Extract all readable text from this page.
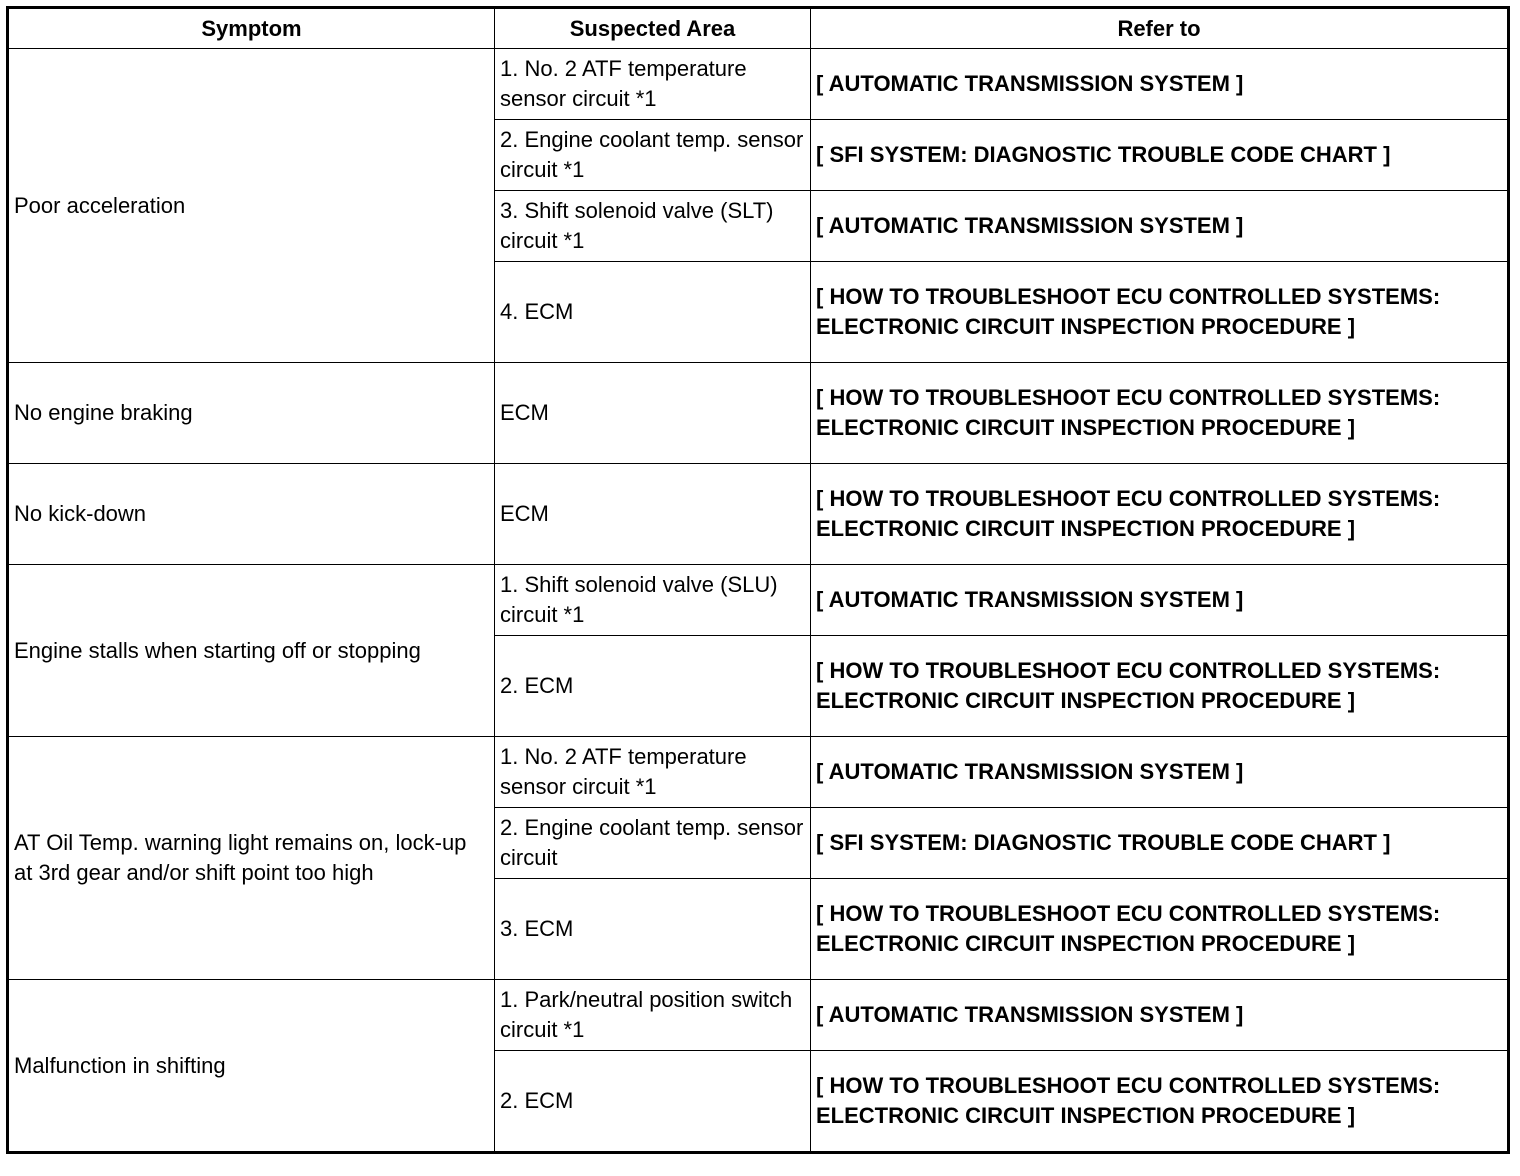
Symptom	Suspected Area	Refer to
Poor acceleration	1. No. 2 ATF temperature sensor circuit *1	[ AUTOMATIC TRANSMISSION SYSTEM ]
	2. Engine coolant temp. sensor circuit *1	[ SFI SYSTEM: DIAGNOSTIC TROUBLE CODE CHART ]
	3. Shift solenoid valve (SLT) circuit *1	[ AUTOMATIC TRANSMISSION SYSTEM ]
	4. ECM	[ HOW TO TROUBLESHOOT ECU CONTROLLED SYSTEMS: ELECTRONIC CIRCUIT INSPECTION PROCEDURE ]
No engine braking	ECM	[ HOW TO TROUBLESHOOT ECU CONTROLLED SYSTEMS: ELECTRONIC CIRCUIT INSPECTION PROCEDURE ]
No kick-down	ECM	[ HOW TO TROUBLESHOOT ECU CONTROLLED SYSTEMS: ELECTRONIC CIRCUIT INSPECTION PROCEDURE ]
Engine stalls when starting off or stopping	1. Shift solenoid valve (SLU) circuit *1	[ AUTOMATIC TRANSMISSION SYSTEM ]
	2. ECM	[ HOW TO TROUBLESHOOT ECU CONTROLLED SYSTEMS: ELECTRONIC CIRCUIT INSPECTION PROCEDURE ]
AT Oil Temp. warning light remains on, lock-up at 3rd gear and/or shift point too high	1. No. 2 ATF temperature sensor circuit *1	[ AUTOMATIC TRANSMISSION SYSTEM ]
	2. Engine coolant temp. sensor circuit	[ SFI SYSTEM: DIAGNOSTIC TROUBLE CODE CHART ]
	3. ECM	[ HOW TO TROUBLESHOOT ECU CONTROLLED SYSTEMS: ELECTRONIC CIRCUIT INSPECTION PROCEDURE ]
Malfunction in shifting	1. Park/neutral position switch circuit *1	[ AUTOMATIC TRANSMISSION SYSTEM ]
	2. ECM	[ HOW TO TROUBLESHOOT ECU CONTROLLED SYSTEMS: ELECTRONIC CIRCUIT INSPECTION PROCEDURE ]
